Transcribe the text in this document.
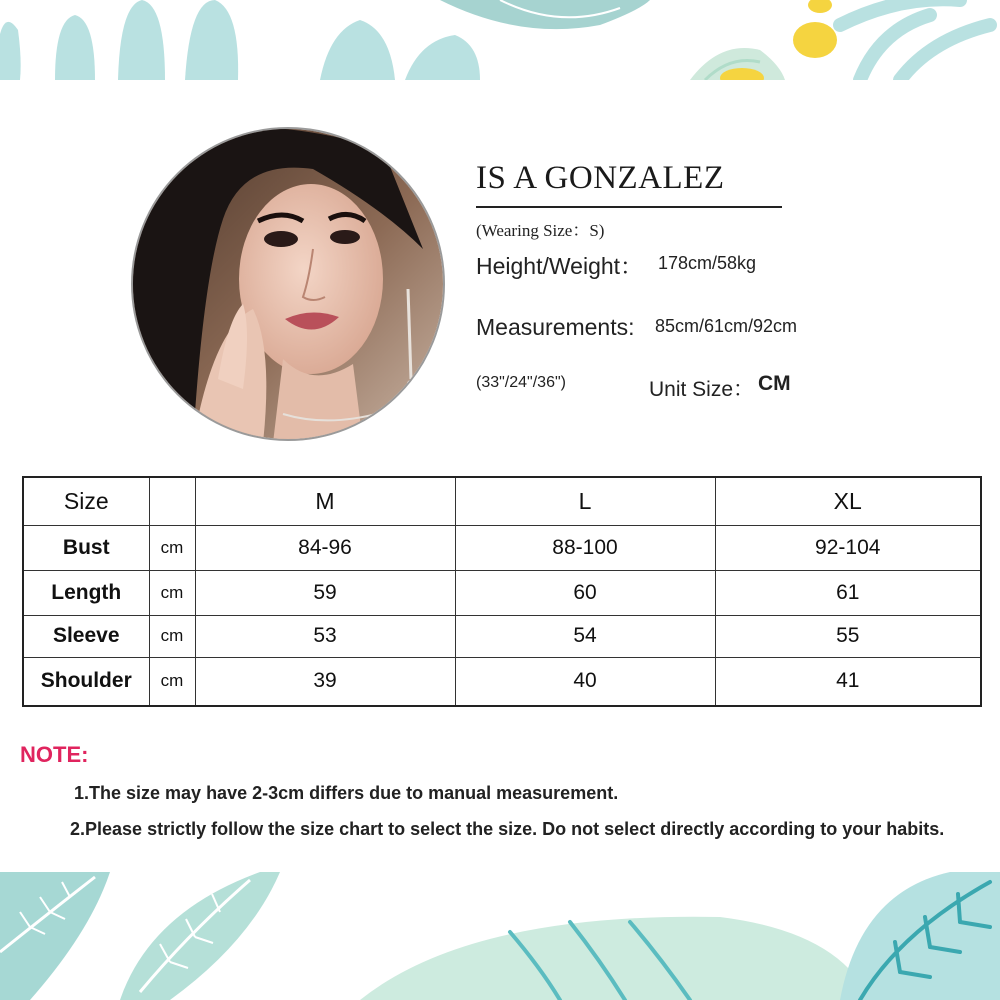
IS A GONZALEZ
(Wearing Size：S)
Height/Weight： 178cm/58kg
Measurements: 85cm/61cm/92cm
(33"/24"/36")	Unit Size： CM
Size		M	L	XL
Bust	cm	84-96	88-100	92-104
Length	cm	59	60	61
Sleeve	cm	53	54	55
Shoulder	cm	39	40	41
NOTE:
1.The size may have 2-3cm differs due to manual measurement.
2.Please strictly follow the size chart to select the size. Do not select directly according to your habits.
